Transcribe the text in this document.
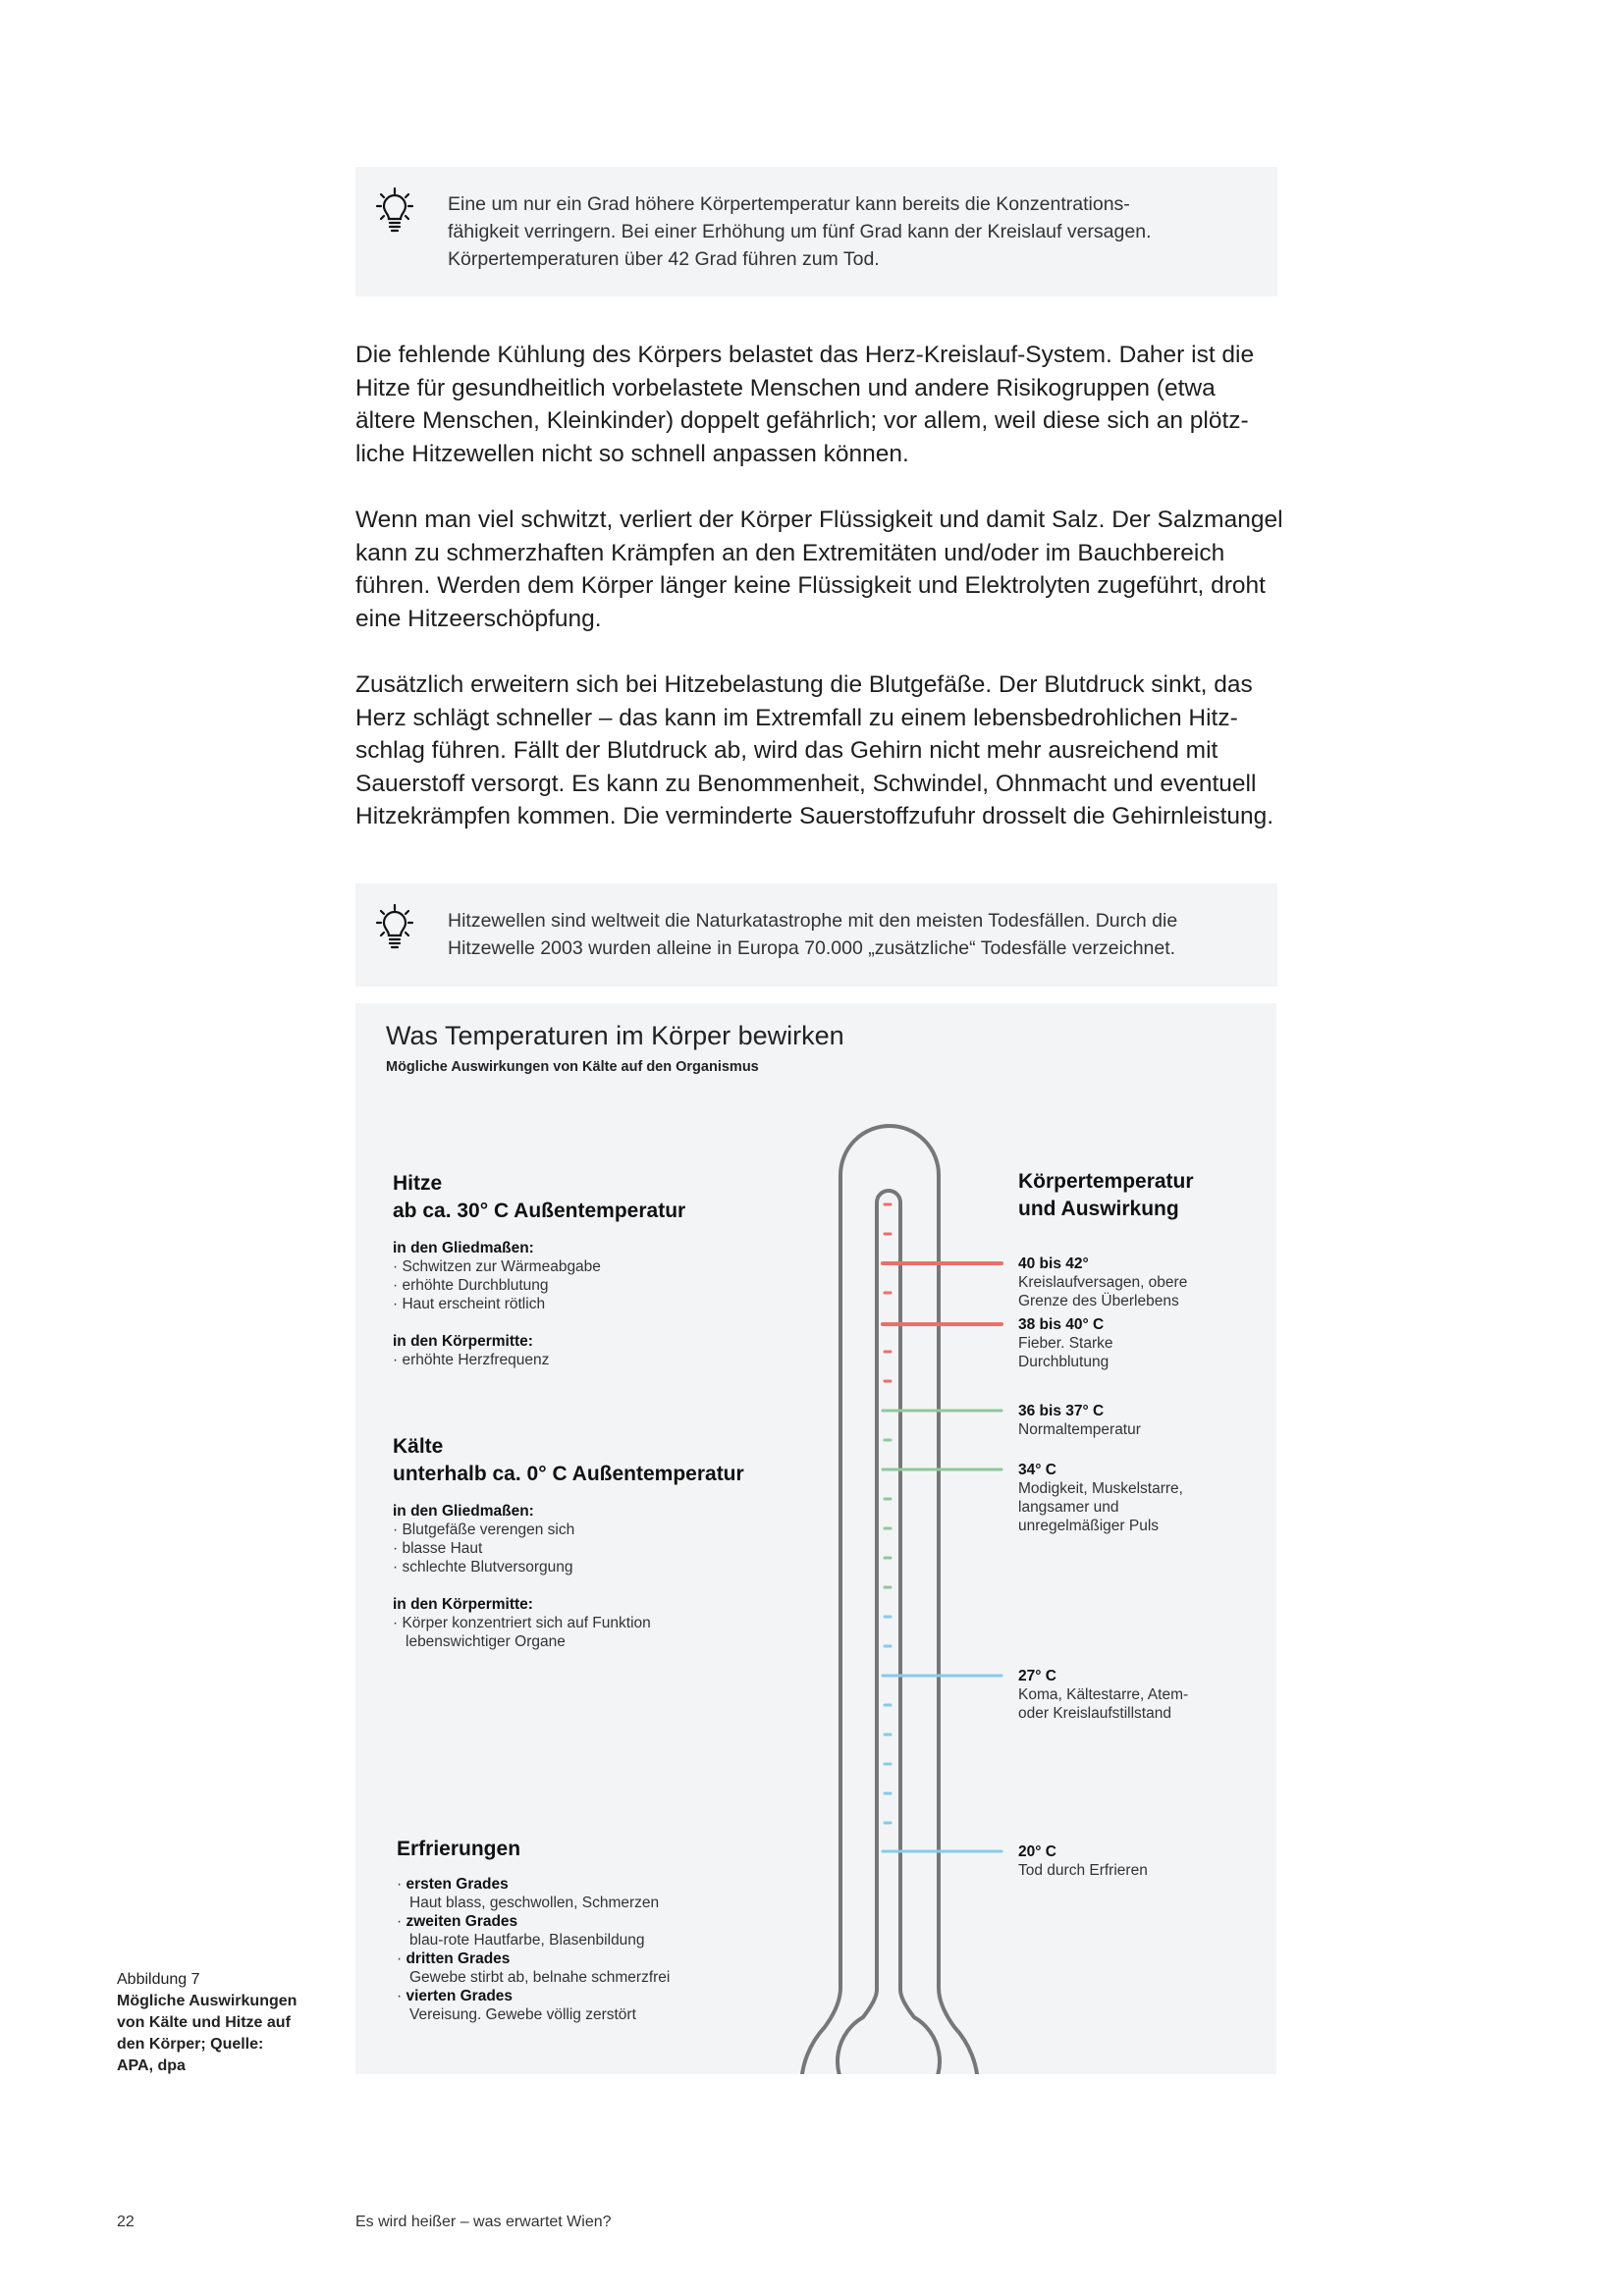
Eine um nur ein Grad höhere Körpertemperatur kann bereits die Konzentrations-
fähigkeit verringern. Bei einer Erhöhung um fünf Grad kann der Kreislauf versagen.
Körpertemperaturen über 42 Grad führen zum Tod.

Die fehlende Kühlung des Körpers belastet das Herz-Kreislauf-System. Daher ist die
Hitze für gesundheitlich vorbelastete Menschen und andere Risikogruppen (etwa
ältere Menschen, Kleinkinder) doppelt gefährlich; vor allem, weil diese sich an plötz-
liche Hitzewellen nicht so schnell anpassen können.

Wenn man viel schwitzt, verliert der Körper Flüssigkeit und damit Salz. Der Salzmangel
kann zu schmerzhaften Krämpfen an den Extremitäten und/oder im Bauchbereich
führen. Werden dem Körper länger keine Flüssigkeit und Elektrolyten zugeführt, droht
eine Hitzeerschöpfung.

Zusätzlich erweitern sich bei Hitzebelastung die Blutgefäße. Der Blutdruck sinkt, das
Herz schlägt schneller – das kann im Extremfall zu einem lebensbedrohlichen Hitz-
schlag führen. Fällt der Blutdruck ab, wird das Gehirn nicht mehr ausreichend mit
Sauerstoff versorgt. Es kann zu Benommenheit, Schwindel, Ohnmacht und eventuell
Hitzekrämpfen kommen. Die verminderte Sauerstoffzufuhr drosselt die Gehirnleistung.

Hitzewellen sind weltweit die Naturkatastrophe mit den meisten Todesfällen. Durch die
Hitzewelle 2003 wurden alleine in Europa 70.000 „zusätzliche“ Todesfälle verzeichnet.

Was Temperaturen im Körper bewirken
Mögliche Auswirkungen von Kälte auf den Organismus
Hitze
ab ca. 30° C Außentemperatur
in den Gliedmaßen:
· Schwitzen zur Wärmeabgabe
· erhöhte Durchblutung
· Haut erscheint rötlich
in den Körpermitte:
· erhöhte Herzfrequenz
Kälte
unterhalb ca. 0° C Außentemperatur
in den Gliedmaßen:
· Blutgefäße verengen sich
· blasse Haut
· schlechte Blutversorgung
in den Körpermitte:
· Körper konzentriert sich auf Funktion
lebenswichtiger Organe
Erfrierungen
· ersten Grades
Haut blass, geschwollen, Schmerzen
· zweiten Grades
blau-rote Hautfarbe, Blasenbildung
· dritten Grades
Gewebe stirbt ab, belnahe schmerzfrei
· vierten Grades
Vereisung. Gewebe völlig zerstört
Körpertemperatur
und Auswirkung
40 bis 42°
Kreislaufversagen, obere
Grenze des Überlebens
38 bis 40° C
Fieber. Starke
Durchblutung
36 bis 37° C
Normaltemperatur
34° C
Modigkeit, Muskelstarre,
langsamer und
unregelmäßiger Puls
27° C
Koma, Kältestarre, Atem-
oder Kreislaufstillstand
20° C
Tod durch Erfrieren
Abbildung 7
Mögliche Auswirkungen
von Kälte und Hitze auf
den Körper; Quelle:
APA, dpa
22	Es wird heißer – was erwartet Wien?
